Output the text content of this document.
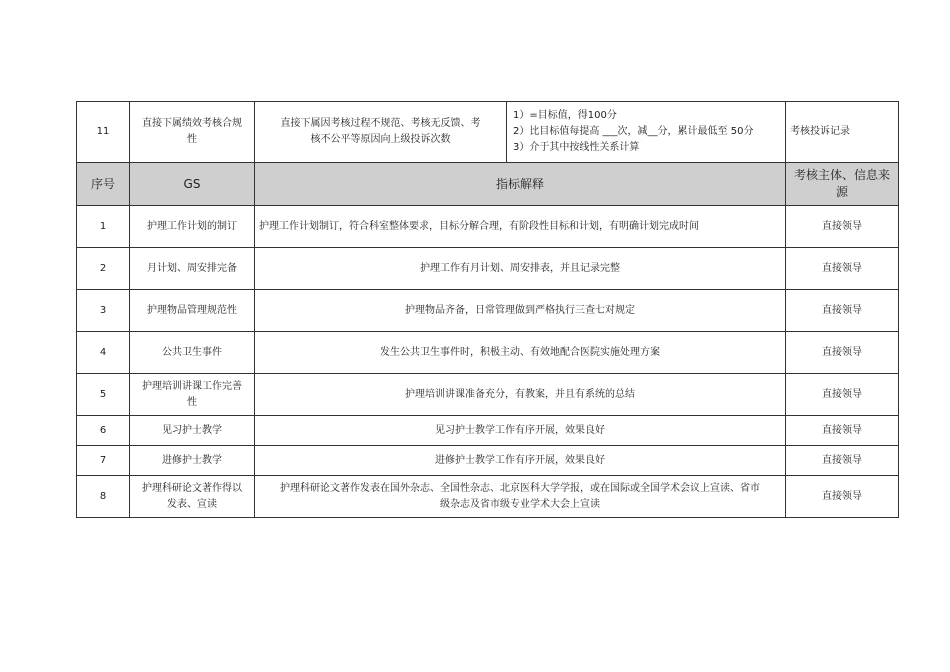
11	直接下属绩效考核合规性	直接下属因考核过程不规范、考核无反馈、考核不公平等原因向上级投诉次数	1）=目标值，得100分
2）比目标值每提高 ___次，减__分，累计最低至 50分
3）介于其中按线性关系计算	考核投诉记录
序号	GS	指标解释		考核主体、信息来源
1	护理工作计划的制订	护理工作计划制订，符合科室整体要求，目标分解合理，有阶段性目标和计划，有明确计划完成时间		直接领导
2	月计划、周安排完备	护理工作有月计划、周安排表，并且记录完整		直接领导
3	护理物品管理规范性	护理物品齐备，日常管理做到严格执行三查七对规定		直接领导
4	公共卫生事件	发生公共卫生事件时，积极主动、有效地配合医院实施处理方案		直接领导
5	护理培训讲课工作完善性	护理培训讲课准备充分，有教案，并且有系统的总结		直接领导
6	见习护士教学	见习护士教学工作有序开展，效果良好		直接领导
7	进修护士教学	进修护士教学工作有序开展，效果良好		直接领导
8	护理科研论文著作得以发表、宣读	护理科研论文著作发表在国外杂志、全国性杂志、北京医科大学学报，或在国际或全国学术会议上宣读、省市级杂志及省市级专业学术大会上宣读		直接领导
